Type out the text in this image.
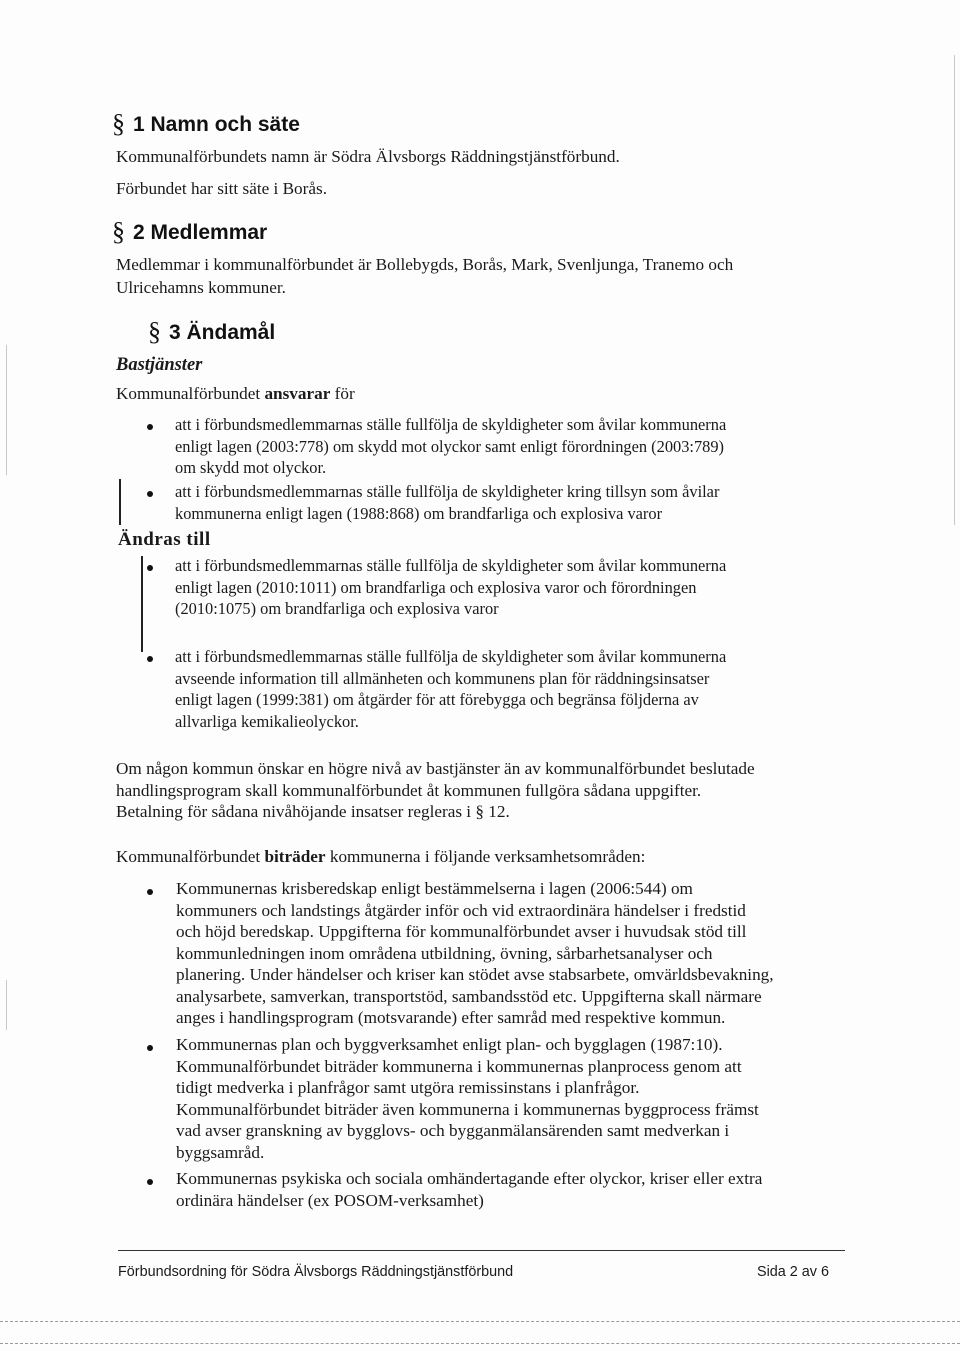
§ 1 Namn och säte
Kommunalförbundets namn är Södra Älvsborgs Räddningstjänstförbund.
Förbundet har sitt säte i Borås.
§ 2 Medlemmar
Medlemmar i kommunalförbundet är Bollebygds, Borås, Mark, Svenljunga, Tranemo och
Ulricehamns kommuner.
§ 3 Ändamål
Bastjänster
Kommunalförbundet ansvarar för
att i förbundsmedlemmarnas ställe fullfölja de skyldigheter som åvilar kommunerna
enligt lagen (2003:778) om skydd mot olyckor samt enligt förordningen (2003:789)
om skydd mot olyckor.
att i förbundsmedlemmarnas ställe fullfölja de skyldigheter kring tillsyn som åvilar
kommunerna enligt lagen (1988:868) om brandfarliga och explosiva varor
Ändras till
att i förbundsmedlemmarnas ställe fullfölja de skyldigheter som åvilar kommunerna
enligt lagen (2010:1011) om brandfarliga och explosiva varor och förordningen
(2010:1075) om brandfarliga och explosiva varor
att i förbundsmedlemmarnas ställe fullfölja de skyldigheter som åvilar kommunerna
avseende information till allmänheten och kommunens plan för räddningsinsatser
enligt lagen (1999:381) om åtgärder för att förebygga och begränsa följderna av
allvarliga kemikalieolyckor.
Om någon kommun önskar en högre nivå av bastjänster än av kommunalförbundet beslutade
handlingsprogram skall kommunalförbundet åt kommunen fullgöra sådana uppgifter.
Betalning för sådana nivåhöjande insatser regleras i § 12.
Kommunalförbundet biträder kommunerna i följande verksamhetsområden:
Kommunernas krisberedskap enligt bestämmelserna i lagen (2006:544) om
kommuners och landstings åtgärder inför och vid extraordinära händelser i fredstid
och höjd beredskap. Uppgifterna för kommunalförbundet avser i huvudsak stöd till
kommunledningen inom områdena utbildning, övning, sårbarhetsanalyser och
planering. Under händelser och kriser kan stödet avse stabsarbete, omvärldsbevakning,
analysarbete, samverkan, transportstöd, sambandsstöd etc. Uppgifterna skall närmare
anges i handlingsprogram (motsvarande) efter samråd med respektive kommun.
Kommunernas plan och byggverksamhet enligt plan- och bygglagen (1987:10).
Kommunalförbundet biträder kommunerna i kommunernas planprocess genom att
tidigt medverka i planfrågor samt utgöra remissinstans i planfrågor.
Kommunalförbundet biträder även kommunerna i kommunernas byggprocess främst
vad avser granskning av bygglovs- och bygganmälansärenden samt medverkan i
byggsamråd.
Kommunernas psykiska och sociala omhändertagande efter olyckor, kriser eller extra
ordinära händelser (ex POSOM-verksamhet)
Förbundsordning för Södra Älvsborgs Räddningstjänstförbund	Sida 2 av 6
